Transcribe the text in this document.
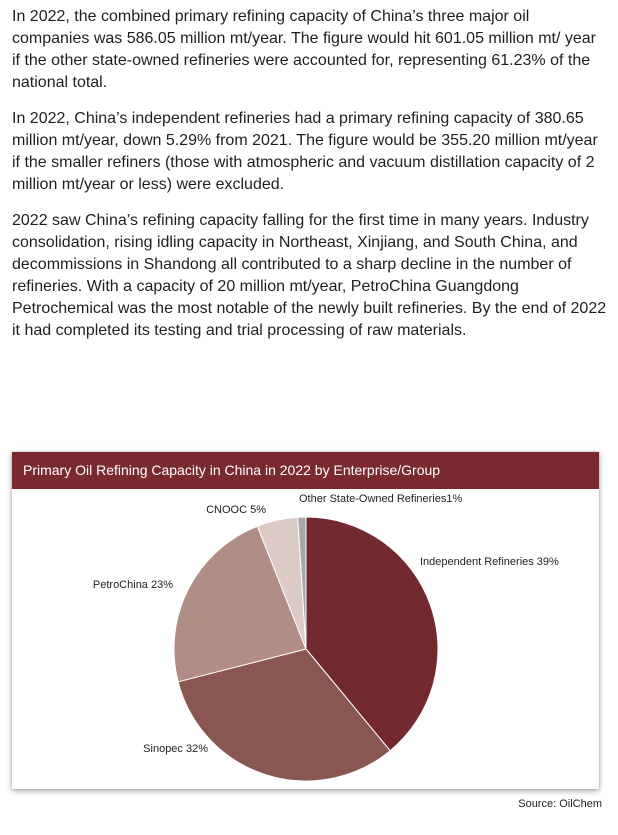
In 2022, the combined primary refining capacity of China’s three major oil companies was 586.05 million mt/year. The figure would hit 601.05 million mt/ year if the other state-owned refineries were accounted for, representing 61.23% of the national total.

In 2022, China’s independent refineries had a primary refining capacity of 380.65 million mt/year, down 5.29% from 2021. The figure would be 355.20 million mt/year if the smaller refiners (those with atmospheric and vacuum distillation capacity of 2 million mt/year or less) were excluded.

2022 saw China’s refining capacity falling for the first time in many years. Industry consolidation, rising idling capacity in Northeast, Xinjiang, and South China, and decommissions in Shandong all contributed to a sharp decline in the number of refineries. With a capacity of 20 million mt/year, PetroChina Guangdong Petrochemical was the most notable of the newly built refineries. By the end of 2022 it had completed its testing and trial processing of raw materials.

Primary Oil Refining Capacity in China in 2022 by Enterprise/Group
Independent Refineries 39%
Sinopec 32%
PetroChina 23%
CNOOC 5%
Other State-Owned Refineries1%
Source: OilChem
